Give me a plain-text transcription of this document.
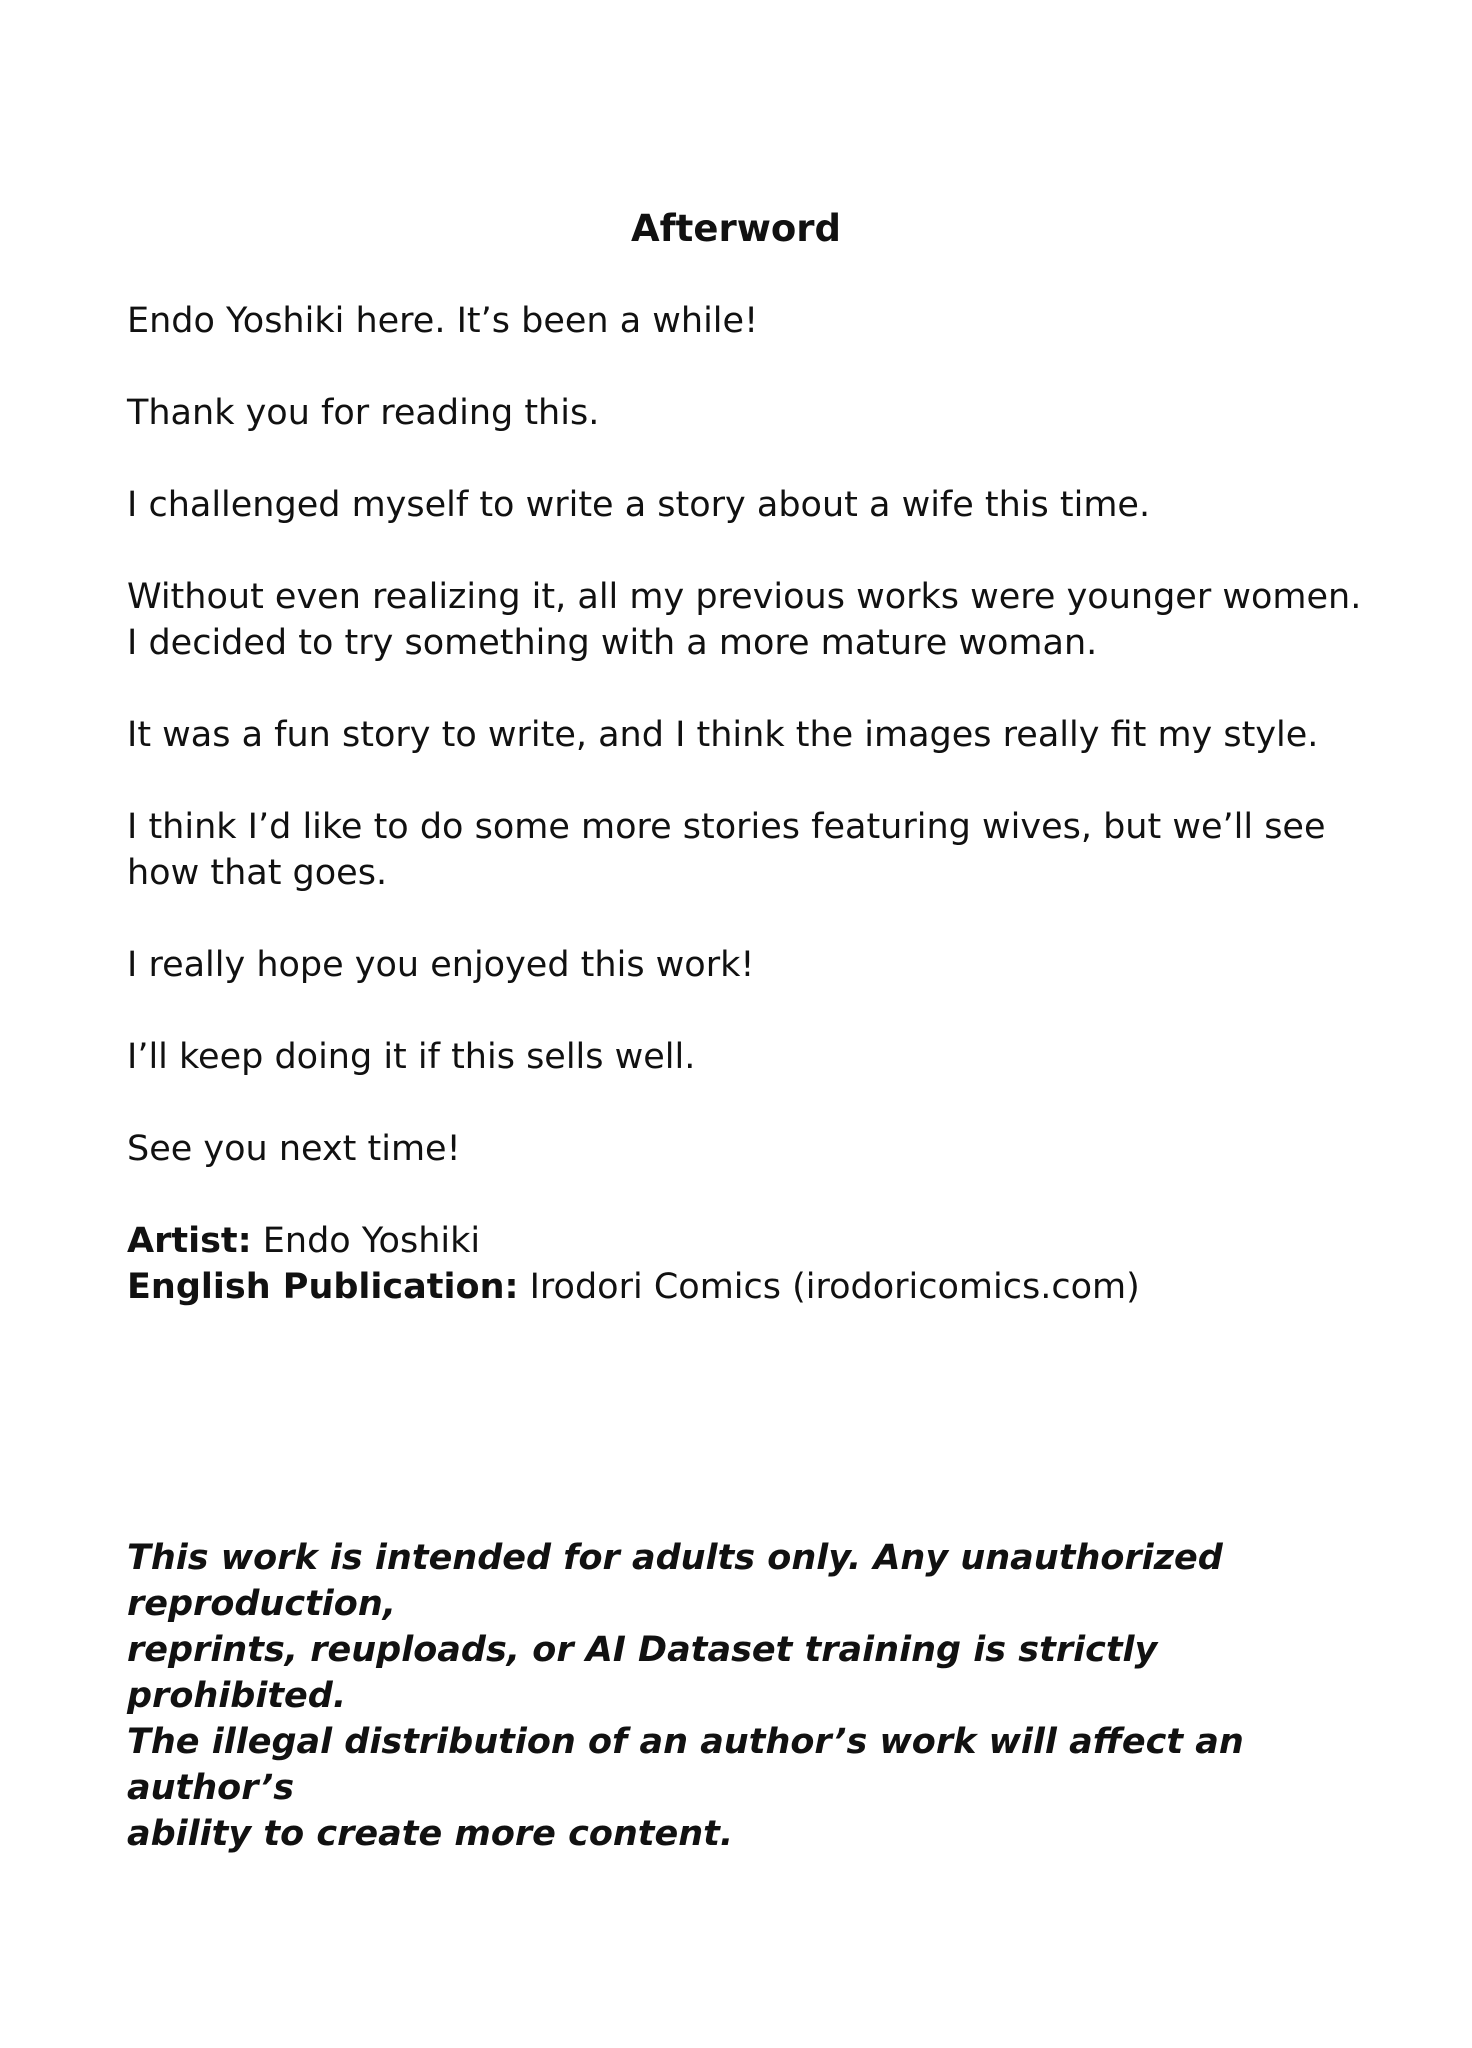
Afterword

Endo Yoshiki here. It’s been a while!

Thank you for reading this.

I challenged myself to write a story about a wife this time.

Without even realizing it, all my previous works were younger women.
I decided to try something with a more mature woman.

It was a fun story to write, and I think the images really fit my style.

I think I’d like to do some more stories featuring wives, but we’ll see
how that goes.

I really hope you enjoyed this work!

I’ll keep doing it if this sells well.

See you next time!

Artist: Endo Yoshiki
English Publication: Irodori Comics (irodoricomics.com)
This work is intended for adults only. Any unauthorized reproduction,
reprints, reuploads, or AI Dataset training is strictly prohibited.
The illegal distribution of an author’s work will affect an author’s
ability to create more content.
